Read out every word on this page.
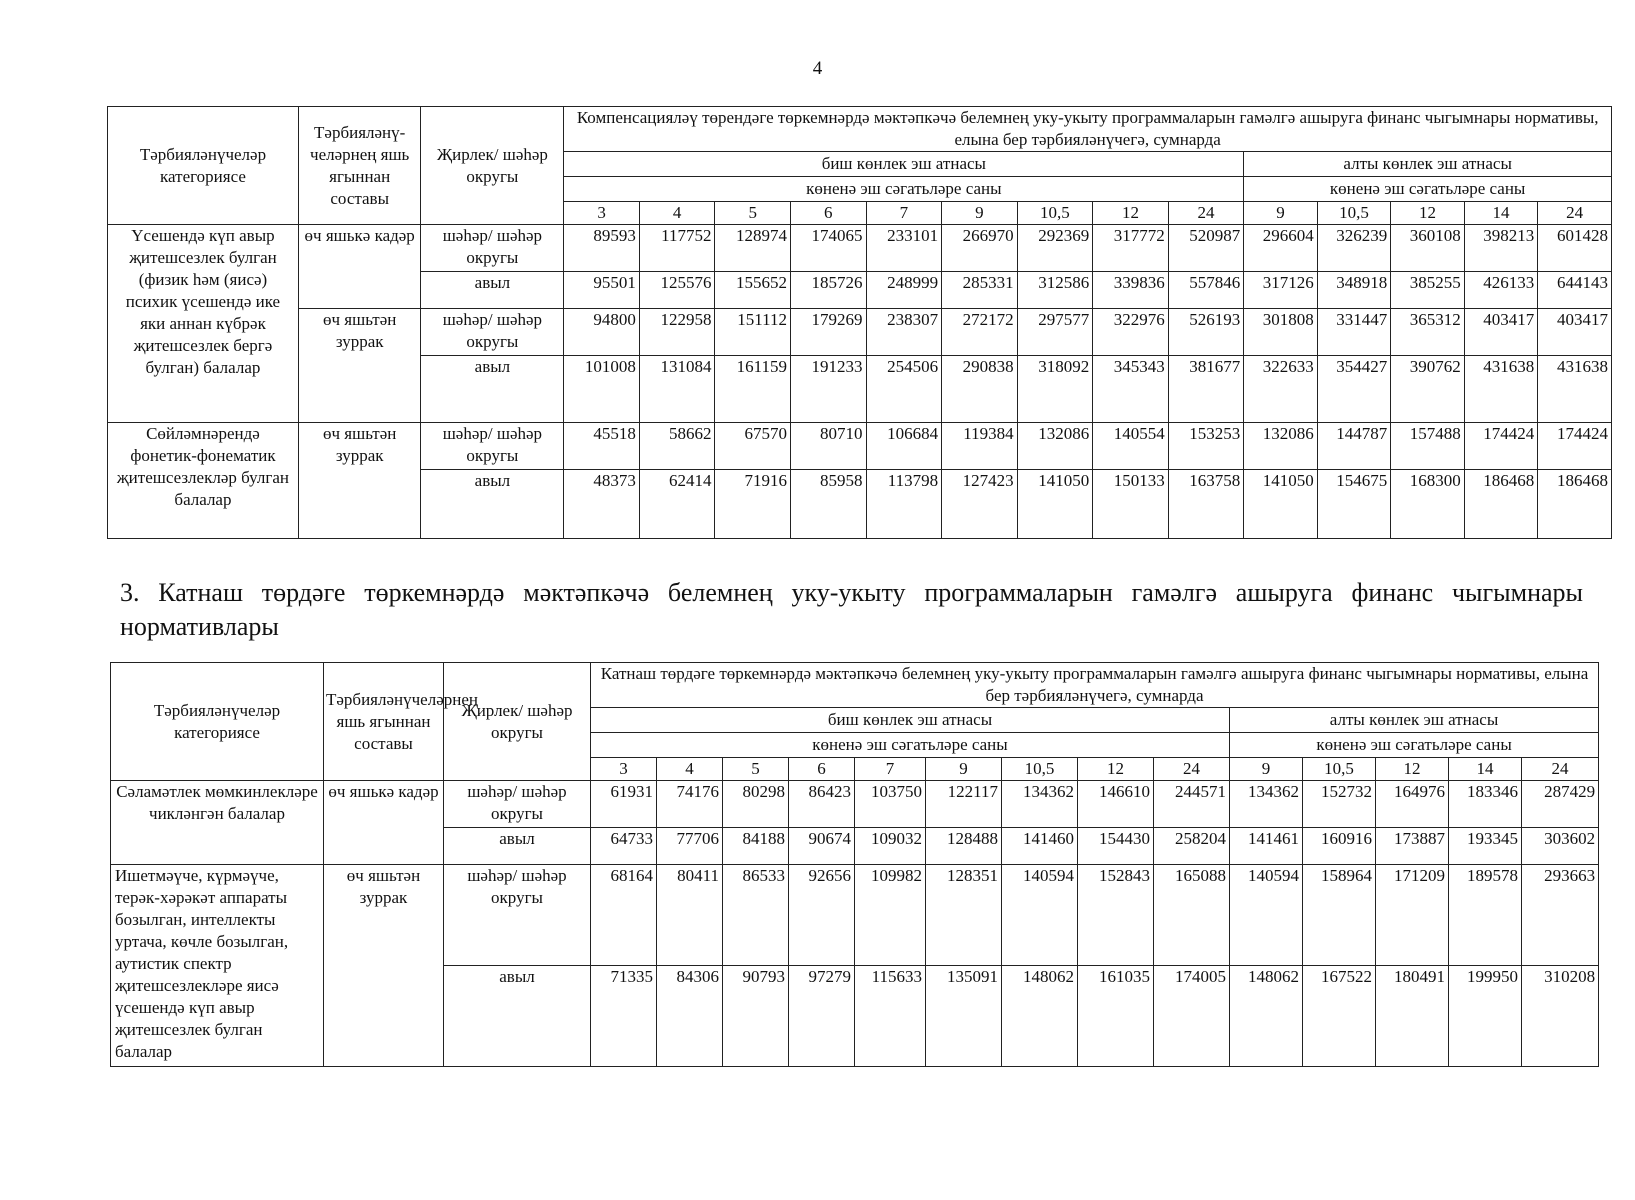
4
Тәрбияләнүчеләр категориясе	Тәрбияләнү-челәрнең яшь ягыннан составы	Җирлек/ шәһәр округы	Компенсацияләү төрендәге төркемнәрдә мәктәпкәчә белемнең уку-укыту программаларын гамәлгә ашыруга финанс чыгымнары нормативы, елына бер тәрбияләнүчегә, сумнарда													
			биш көнлек эш атнасы									алты көнлек эш атнасы				
			көненә эш сәгатьләре саны									көненә эш сәгатьләре саны				
			3	4	5	6	7	9	10,5	12	24	9	10,5	12	14	24
Үсешендә күп авыр җитешсезлек булган (физик һәм (яисә) психик үсешендә ике яки аннан күбрәк җитешсезлек бергә булган) балалар	өч яшькә кадәр	шәһәр/ шәһәр округы	89593	117752	128974	174065	233101	266970	292369	317772	520987	296604	326239	360108	398213	601428
		авыл	95501	125576	155652	185726	248999	285331	312586	339836	557846	317126	348918	385255	426133	644143
	өч яшьтән зуррак	шәһәр/ шәһәр округы	94800	122958	151112	179269	238307	272172	297577	322976	526193	301808	331447	365312	403417	403417
		авыл	101008	131084	161159	191233	254506	290838	318092	345343	381677	322633	354427	390762	431638	431638
Сөйләмнәрендә фонетик-фонематик җитешсезлекләр булган балалар	өч яшьтән зуррак	шәһәр/ шәһәр округы	45518	58662	67570	80710	106684	119384	132086	140554	153253	132086	144787	157488	174424	174424
		авыл	48373	62414	71916	85958	113798	127423	141050	150133	163758	141050	154675	168300	186468	186468
3. Катнаш төрдәге төркемнәрдә мәктәпкәчә белемнең уку-укыту программаларын гамәлгә ашыруга финанс чыгымнары нормативлары
Тәрбияләнүчеләр категориясе	Тәрбияләнүчеләрнең яшь ягыннан составы	Җирлек/ шәһәр округы	Катнаш төрдәге төркемнәрдә мәктәпкәчә белемнең уку-укыту программаларын гамәлгә ашыруга финанс чыгымнары нормативы, елына бер тәрбияләнүчегә, сумнарда													
			биш көнлек эш атнасы									алты көнлек эш атнасы				
			көненә эш сәгатьләре саны									көненә эш сәгатьләре саны				
			3	4	5	6	7	9	10,5	12	24	9	10,5	12	14	24
Сәламәтлек мөмкинлекләре чикләнгән балалар	өч яшькә кадәр	шәһәр/ шәһәр округы	61931	74176	80298	86423	103750	122117	134362	146610	244571	134362	152732	164976	183346	287429
		авыл	64733	77706	84188	90674	109032	128488	141460	154430	258204	141461	160916	173887	193345	303602
Ишетмәүче, күрмәүче, терәк-хәрәкәт аппараты бозылган, интеллекты уртача, көчле бозылган, аутистик спектр җитешсезлекләре яисә үсешендә күп авыр җитешсезлек булган балалар	өч яшьтән зуррак	шәһәр/ шәһәр округы	68164	80411	86533	92656	109982	128351	140594	152843	165088	140594	158964	171209	189578	293663
		авыл	71335	84306	90793	97279	115633	135091	148062	161035	174005	148062	167522	180491	199950	310208
